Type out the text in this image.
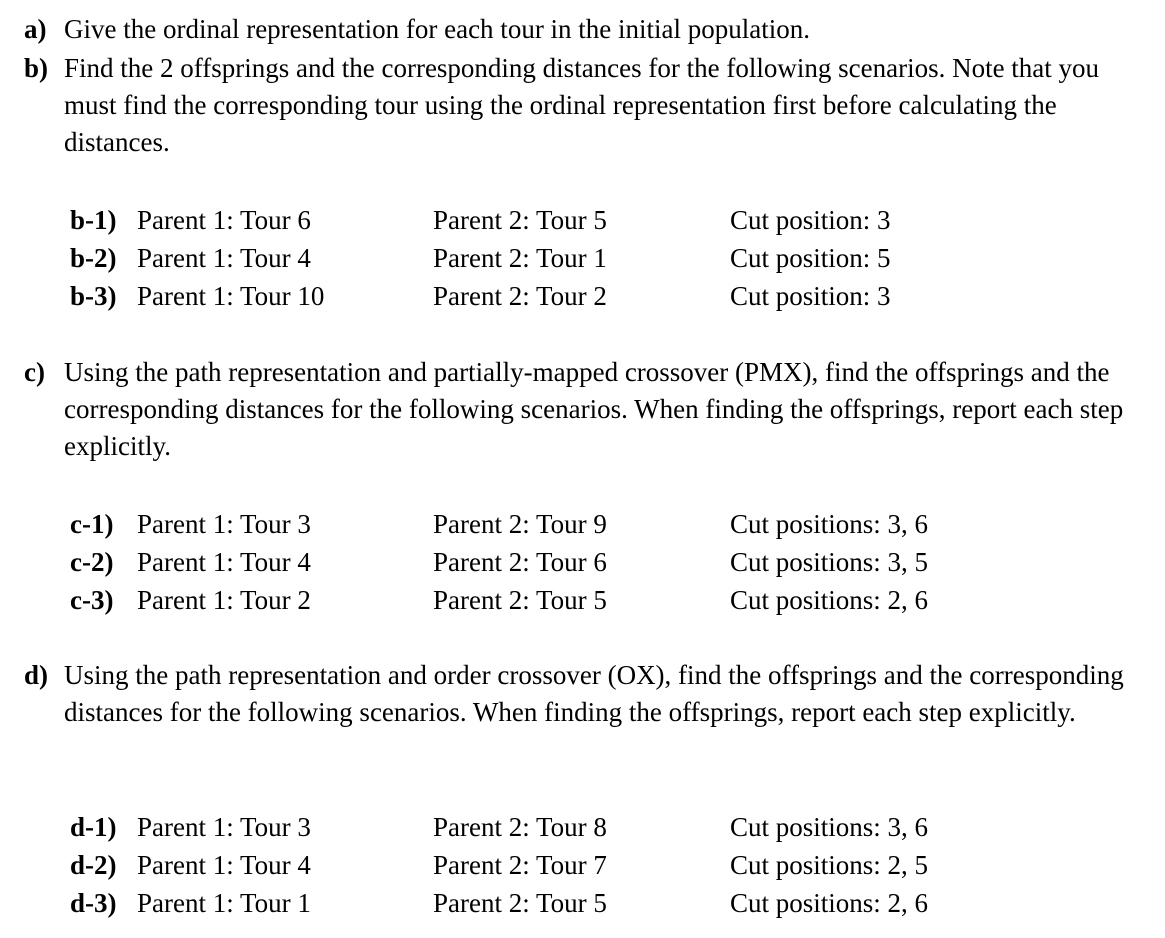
a) Give the ordinal representation for each tour in the initial population.
b) Find the 2 offsprings and the corresponding distances for the following scenarios. Note that you must find the corresponding tour using the ordinal representation first before calculating the distances.
b-1) Parent 1: Tour 6	Parent 2: Tour 5	Cut position: 3
b-2) Parent 1: Tour 4	Parent 2: Tour 1	Cut position: 5
b-3) Parent 1: Tour 10	Parent 2: Tour 2	Cut position: 3
c) Using the path representation and partially-mapped crossover (PMX), find the offsprings and the corresponding distances for the following scenarios. When finding the offsprings, report each step explicitly.
c-1) Parent 1: Tour 3	Parent 2: Tour 9	Cut positions: 3, 6
c-2) Parent 1: Tour 4	Parent 2: Tour 6	Cut positions: 3, 5
c-3) Parent 1: Tour 2	Parent 2: Tour 5	Cut positions: 2, 6
d) Using the path representation and order crossover (OX), find the offsprings and the corresponding distances for the following scenarios. When finding the offsprings, report each step explicitly.
d-1) Parent 1: Tour 3	Parent 2: Tour 8	Cut positions: 3, 6
d-2) Parent 1: Tour 4	Parent 2: Tour 7	Cut positions: 2, 5
d-3) Parent 1: Tour 1	Parent 2: Tour 5	Cut positions: 2, 6
